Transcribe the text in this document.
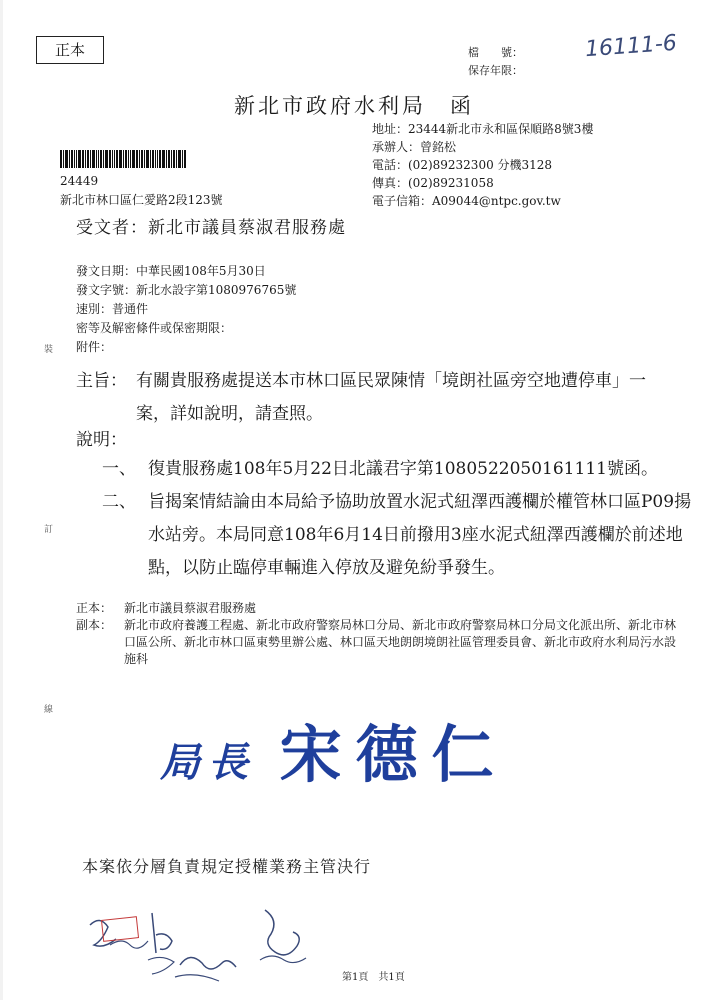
正本	16111-6
檔　　號：
保存年限：
新北市政府水利局　函
地址：23444新北市永和區保順路8號3樓
承辦人：曾銘松
電話：(02)89232300 分機3128
傳真：(02)89231058
電子信箱：A09044@ntpc.gov.tw
24449
新北市林口區仁愛路2段123號
受文者：新北市議員蔡淑君服務處
發文日期：中華民國108年5月30日
發文字號：新北水設字第1080976765號
速別：普通件
密等及解密條件或保密期限：
附件：
裝
訂
線
主旨： 有關貴服務處提送本市林口區民眾陳情「境朗社區旁空地遭停車」一案，詳如說明，請查照。
說明：
一、 復貴服務處108年5月22日北議君字第1080522050161111號函。
二、 旨揭案情結論由本局給予協助放置水泥式紐澤西護欄於權管林口區P09揚水站旁。本局同意108年6月14日前撥用3座水泥式紐澤西護欄於前述地點，以防止臨停車輛進入停放及避免紛爭發生。
正本： 新北市議員蔡淑君服務處
副本： 新北市政府養護工程處、新北市政府警察局林口分局、新北市政府警察局林口分局文化派出所、新北市林口區公所、新北市林口區東勢里辦公處、林口區天地朗朗境朗社區管理委員會、新北市政府水利局污水設施科
局長 宋德仁
本案依分層負責規定授權業務主管決行
第1頁　共1頁
